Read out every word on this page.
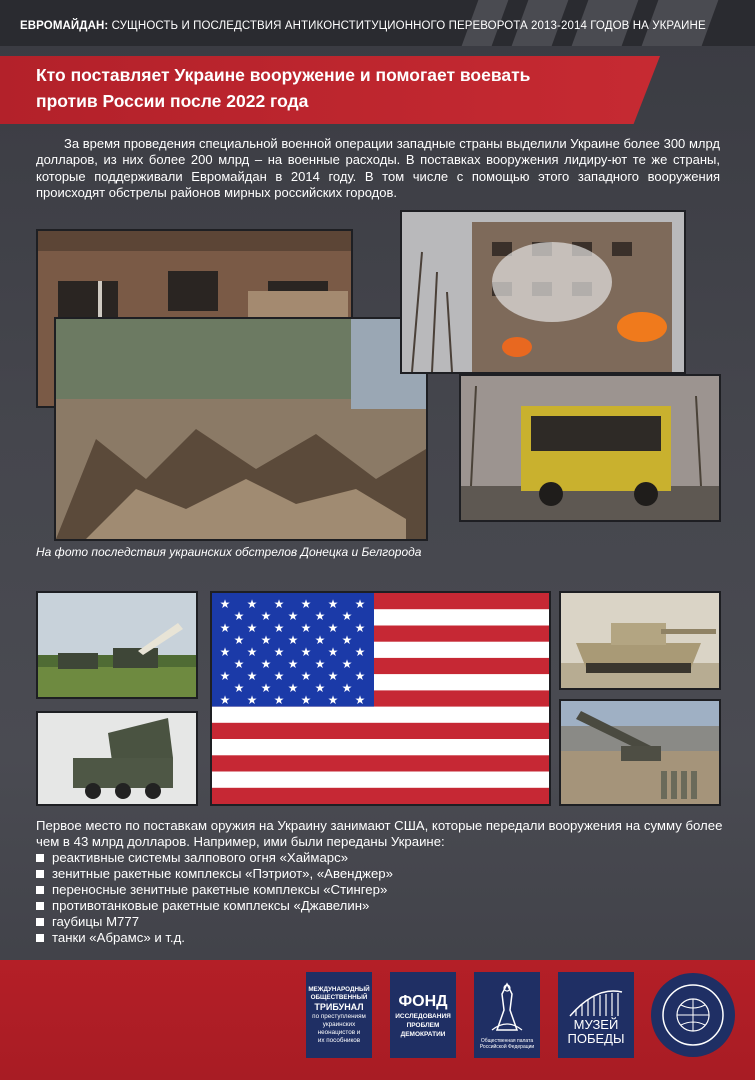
ЕВРОМАЙДАН: СУЩНОСТЬ И ПОСЛЕДСТВИЯ АНТИКОНСТИТУЦИОННОГО ПЕРЕВОРОТА 2013-2014 ГОДОВ НА УКРАИНЕ
Кто поставляет Украине вооружение и помогает воевать
против России после 2022 года
За время проведения специальной военной операции западные страны выделили Украине более 300 млрд долларов, из них более 200 млрд – на военные расходы. В поставках вооружения лидиру-ют те же страны, которые поддерживали Евромайдан в 2014 году. В том числе с помощью этого западного вооружения происходят обстрелы районов мирных российских городов.
На фото последствия украинских обстрелов Донецка и Белгорода
★ ★ ★ ★ ★ ★
★ ★ ★ ★ ★
★ ★ ★ ★ ★ ★
★ ★ ★ ★ ★
★ ★ ★ ★ ★ ★
★ ★ ★ ★ ★
★ ★ ★ ★ ★ ★
★ ★ ★ ★ ★
★ ★ ★ ★ ★ ★
Первое место по поставкам оружия на Украину занимают США, которые передали вооружения на сумму более чем в 43 млрд долларов. Например, ими были переданы Украине:
реактивные системы залпового огня «Хаймарс»
зенитные ракетные комплексы «Пэтриот», «Авенджер»
переносные зенитные ракетные комплексы «Стингер»
противотанковые ракетные комплексы «Джавелин»
гаубицы М777
танки «Абрамс» и т.д.
МЕЖДУНАРОДНЫЙ
ОБЩЕСТВЕННЫЙ
ТРИБУНАЛ
по преступлениям
украинских
неонацистов и
их пособников
ФОНД
ИССЛЕДОВАНИЯ
ПРОБЛЕМ
ДЕМОКРАТИИ
Общественная палата
Российской Федерации
МУЗЕЙ
ПОБЕДЫ
